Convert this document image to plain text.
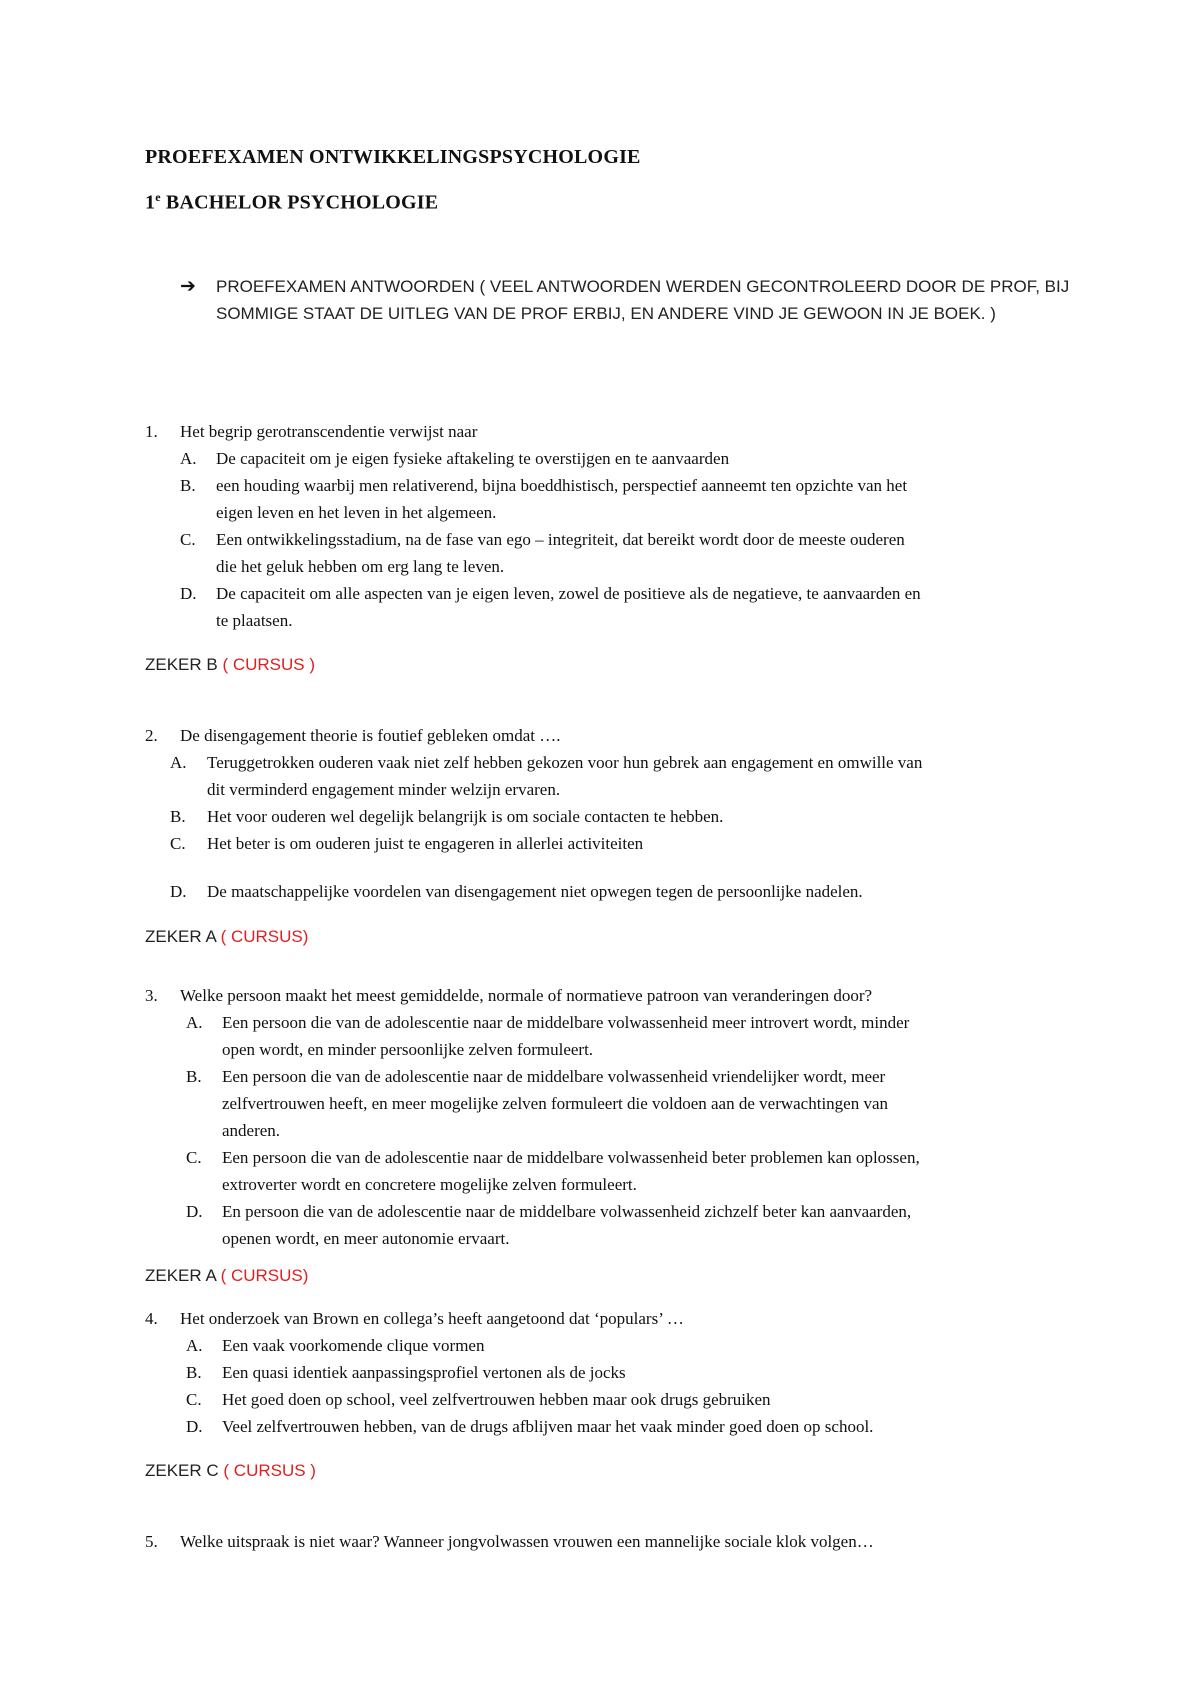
PROEFEXAMEN ONTWIKKELINGSPSYCHOLOGIE
1e BACHELOR PSYCHOLOGIE
➔ PROEFEXAMEN ANTWOORDEN ( VEEL ANTWOORDEN WERDEN GECONTROLEERD DOOR DE PROF, BIJ SOMMIGE STAAT DE UITLEG VAN DE PROF ERBIJ, EN ANDERE VIND JE GEWOON IN JE BOEK. )
1. Het begrip gerotranscendentie verwijst naar
A. De capaciteit om je eigen fysieke aftakeling te overstijgen en te aanvaarden
B. een houding waarbij men relativerend, bijna boeddhistisch, perspectief aanneemt ten opzichte van het
eigen leven en het leven in het algemeen.
C. Een ontwikkelingsstadium, na de fase van ego – integriteit, dat bereikt wordt door de meeste ouderen
die het geluk hebben om erg lang te leven.
D. De capaciteit om alle aspecten van je eigen leven, zowel de positieve als de negatieve, te aanvaarden en
te plaatsen.
ZEKER B ( CURSUS )
2. De disengagement theorie is foutief gebleken omdat ….
A. Teruggetrokken ouderen vaak niet zelf hebben gekozen voor hun gebrek aan engagement en omwille van
dit verminderd engagement minder welzijn ervaren.
B. Het voor ouderen wel degelijk belangrijk is om sociale contacten te hebben.
C. Het beter is om ouderen juist te engageren in allerlei activiteiten
D. De maatschappelijke voordelen van disengagement niet opwegen tegen de persoonlijke nadelen.
ZEKER A ( CURSUS)
3. Welke persoon maakt het meest gemiddelde, normale of normatieve patroon van veranderingen door?
A. Een persoon die van de adolescentie naar de middelbare volwassenheid meer introvert wordt, minder
open wordt, en minder persoonlijke zelven formuleert.
B. Een persoon die van de adolescentie naar de middelbare volwassenheid vriendelijker wordt, meer
zelfvertrouwen heeft, en meer mogelijke zelven formuleert die voldoen aan de verwachtingen van
anderen.
C. Een persoon die van de adolescentie naar de middelbare volwassenheid beter problemen kan oplossen,
extroverter wordt en concretere mogelijke zelven formuleert.
D. En persoon die van de adolescentie naar de middelbare volwassenheid zichzelf beter kan aanvaarden,
openen wordt, en meer autonomie ervaart.
ZEKER A ( CURSUS)
4. Het onderzoek van Brown en collega’s heeft aangetoond dat ‘populars’ …
A. Een vaak voorkomende clique vormen
B. Een quasi identiek aanpassingsprofiel vertonen als de jocks
C. Het goed doen op school, veel zelfvertrouwen hebben maar ook drugs gebruiken
D. Veel zelfvertrouwen hebben, van de drugs afblijven maar het vaak minder goed doen op school.
ZEKER C ( CURSUS )
5. Welke uitspraak is niet waar? Wanneer jongvolwassen vrouwen een mannelijke sociale klok volgen…
